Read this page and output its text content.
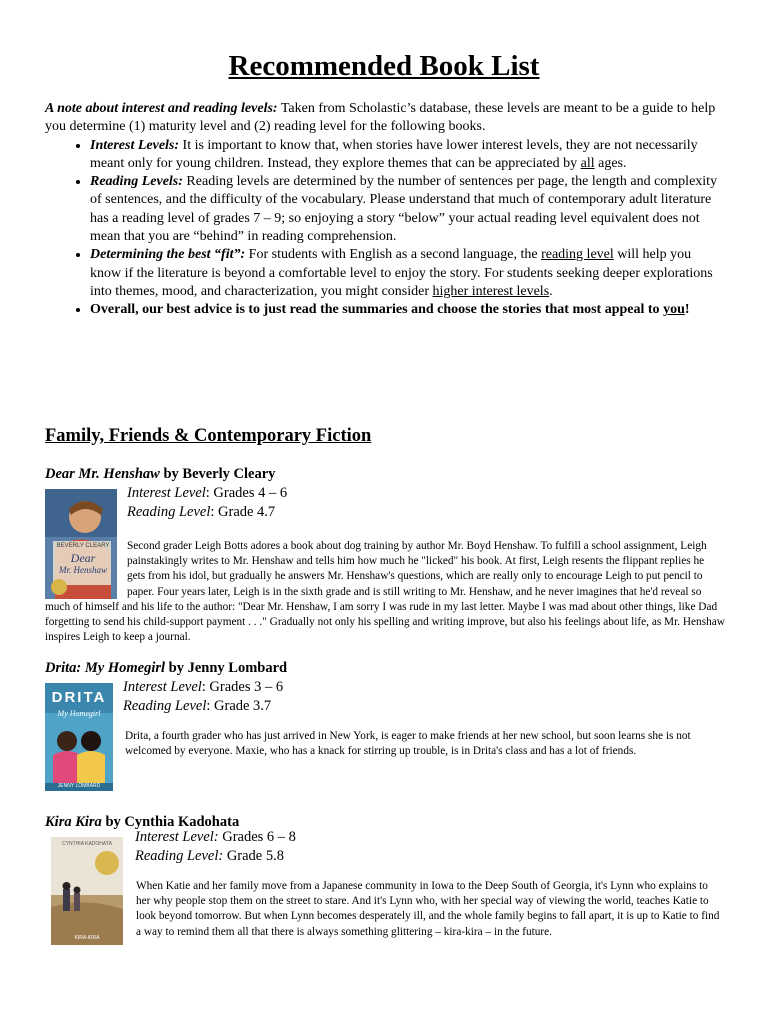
Recommended Book List

A note about interest and reading levels: Taken from Scholastic’s database, these levels are meant to be a guide to help you determine (1) maturity level and (2) reading level for the following books.

• Interest Levels: It is important to know that, when stories have lower interest levels, they are not necessarily meant only for young children. Instead, they explore themes that can be appreciated by all ages.
• Reading Levels: Reading levels are determined by the number of sentences per page, the length and complexity of sentences, and the difficulty of the vocabulary. Please understand that much of contemporary adult literature has a reading level of grades 7 – 9; so enjoying a story “below” your actual reading level equivalent does not mean that you are “behind” in reading comprehension.
• Determining the best “fit”: For students with English as a second language, the reading level will help you know if the literature is beyond a comfortable level to enjoy the story. For students seeking deeper explorations into themes, mood, and characterization, you might consider higher interest levels.
• Overall, our best advice is to just read the summaries and choose the stories that most appeal to you!
Family, Friends & Contemporary Fiction

Dear Mr. Henshaw by Beverly Cleary

BEVERLY CLEARY
Dear
Mr. Henshaw
Interest Level: Grades 4 – 6
Reading Level: Grade 4.7
Second grader Leigh Botts adores a book about dog training by author Mr. Boyd Henshaw. To fulfill a school assignment, Leigh painstakingly writes to Mr. Henshaw and tells him how much he "licked" his book. At first, Leigh resents the flippant replies he gets from his idol, but gradually he answers Mr. Henshaw's questions, which are really only to encourage Leigh to put pencil to paper. Four years later, Leigh is in the sixth grade and is still writing to Mr. Henshaw, and he never imagines that he'd reveal so much of himself and his life to the author: "Dear Mr. Henshaw, I am sorry I was rude in my last letter. Maybe I was mad about other things, like Dad forgetting to send his child-support payment . . ." Gradually not only his spelling and writing improve, but also his feelings about life, as Mr. Henshaw inspires Leigh to keep a journal.

Drita: My Homegirl by Jenny Lombard

DRITA
My Homegirl
JENNY LOMBARD
Interest Level: Grades 3 – 6
Reading Level: Grade 3.7
Drita, a fourth grader who has just arrived in New York, is eager to make friends at her new school, but soon learns she is not welcomed by everyone. Maxie, who has a knack for stirring up trouble, is in Drita's class and has a lot of friends.

Kira Kira by Cynthia Kadohata

CYNTHIA KADOHATA
KIRA-KIRA
Interest Level: Grades 6 – 8
Reading Level: Grade 5.8
When Katie and her family move from a Japanese community in Iowa to the Deep South of Georgia, it's Lynn who explains to her why people stop them on the street to stare. And it's Lynn who, with her special way of viewing the world, teaches Katie to look beyond tomorrow. But when Lynn becomes desperately ill, and the whole family begins to fall apart, it is up to Katie to find a way to remind them all that there is always something glittering – kira-kira – in the future.
